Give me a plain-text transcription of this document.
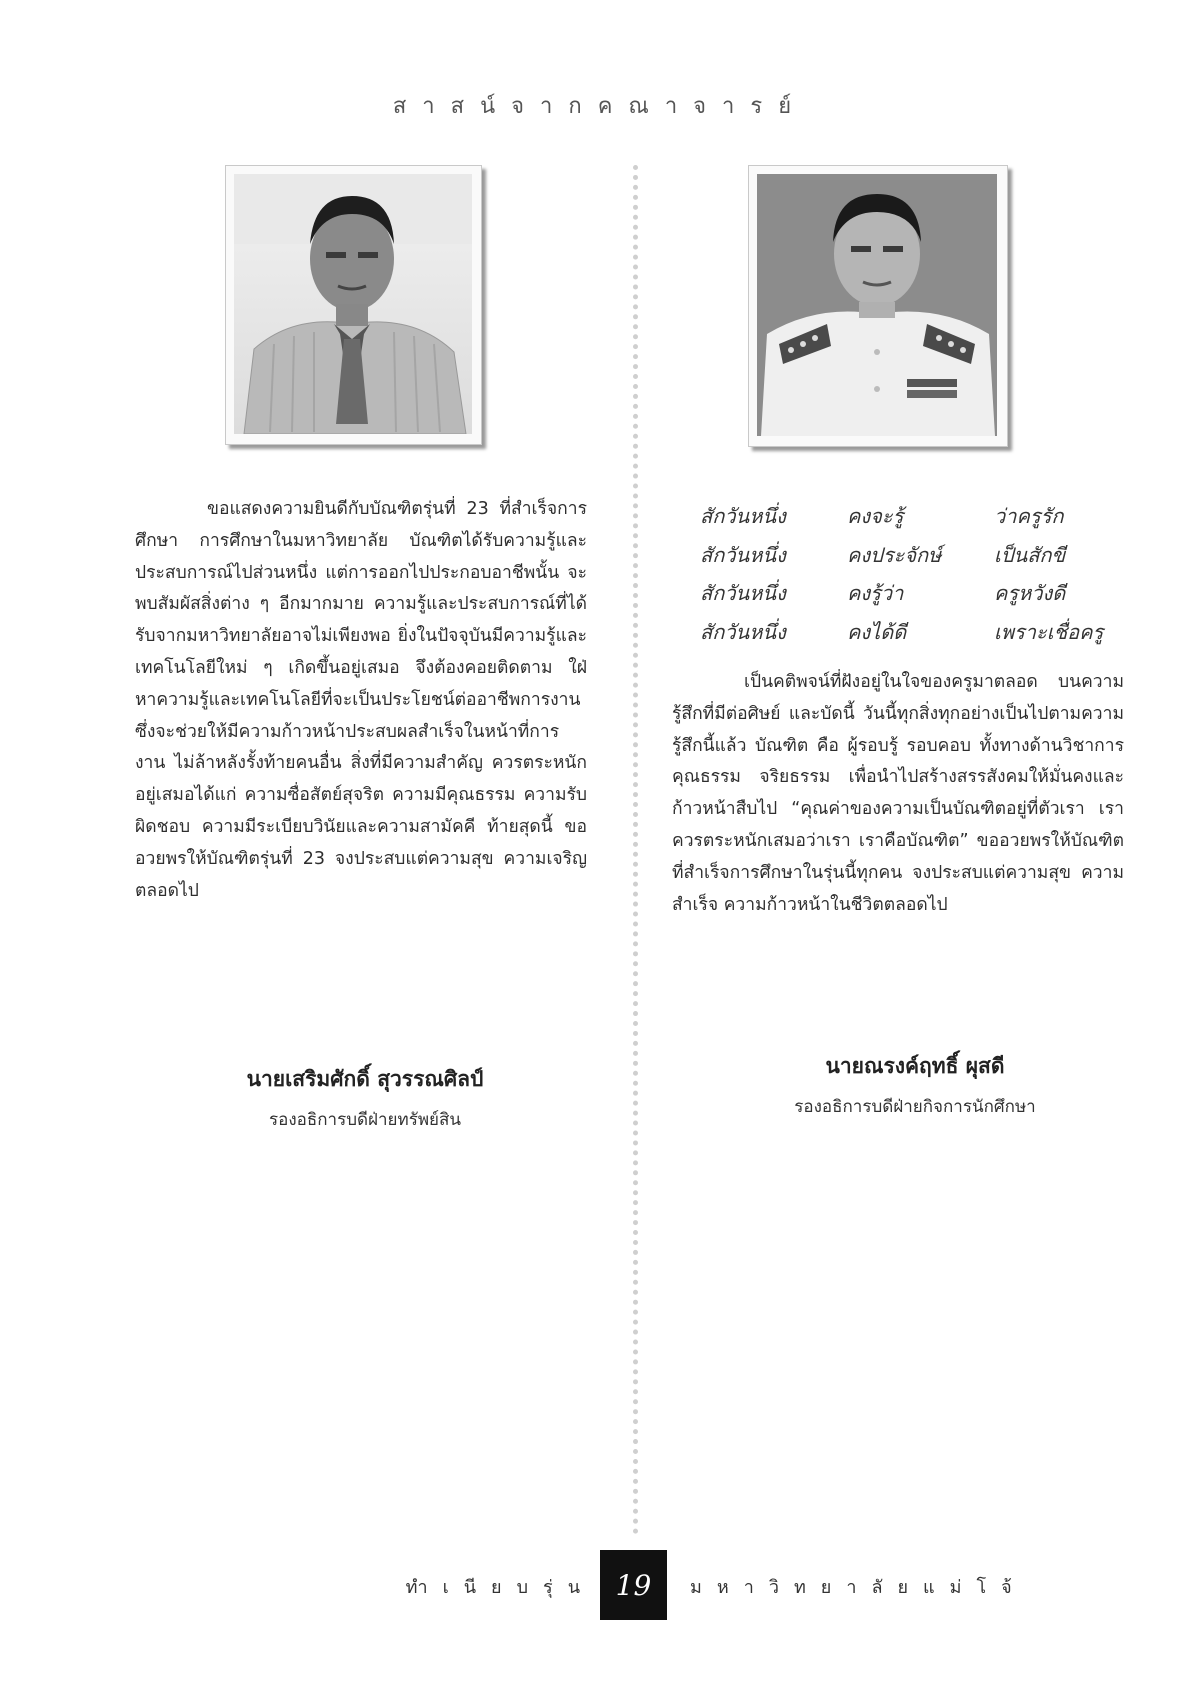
สาสน์จากคณาจารย์
สักวันหนึ่ง	คงจะรู้	ว่าครูรัก
สักวันหนึ่ง	คงประจักษ์	เป็นสักขี
สักวันหนึ่ง	คงรู้ว่า	ครูหวังดี
สักวันหนึ่ง	คงได้ดี	เพราะเชื่อครู

ขอแสดงความยินดีกับบัณฑิตรุ่นที่ 23 ที่สำเร็จการศึกษา การศึกษาในมหาวิทยาลัย บัณฑิตได้รับความรู้และประสบการณ์ไปส่วนหนึ่ง แต่การออกไปประกอบอาชีพนั้น จะพบสัมผัสสิ่งต่าง ๆ อีกมากมาย ความรู้และประสบการณ์ที่ได้รับจากมหาวิทยาลัยอาจไม่เพียงพอ ยิ่งในปัจจุบันมีความรู้และเทคโนโลยีใหม่ ๆ เกิดขึ้นอยู่เสมอ จึงต้องคอยติดตาม ใฝ่หาความรู้และเทคโนโลยีที่จะเป็นประโยชน์ต่ออาชีพการงาน ซึ่งจะช่วยให้มีความก้าวหน้าประสบผลสำเร็จในหน้าที่การงาน ไม่ล้าหลังรั้งท้ายคนอื่น สิ่งที่มีความสำคัญ ควรตระหนักอยู่เสมอได้แก่ ความซื่อสัตย์สุจริต ความมีคุณธรรม ความรับผิดชอบ ความมีระเบียบวินัยและความสามัคคี ท้ายสุดนี้ ขออวยพรให้บัณฑิตรุ่นที่ 23 จงประสบแต่ความสุข ความเจริญตลอดไป

เป็นคติพจน์ที่ฝังอยู่ในใจของครูมาตลอด บนความรู้สึกที่มีต่อศิษย์ และบัดนี้ วันนี้ทุกสิ่งทุกอย่างเป็นไปตามความรู้สึกนี้แล้ว บัณฑิต คือ ผู้รอบรู้ รอบคอบ ทั้งทางด้านวิชาการ คุณธรรม จริยธรรม เพื่อนำไปสร้างสรรสังคมให้มั่นคงและก้าวหน้าสืบไป “คุณค่าของความเป็นบัณฑิตอยู่ที่ตัวเรา เราควรตระหนักเสมอว่าเรา เราคือบัณฑิต” ขออวยพรให้บัณฑิตที่สำเร็จการศึกษาในรุ่นนี้ทุกคน จงประสบแต่ความสุข ความสำเร็จ ความก้าวหน้าในชีวิตตลอดไป

นายเสริมศักดิ์ สุวรรณศิลป์
รองอธิการบดีฝ่ายทรัพย์สิน
นายณรงค์ฤทธิ์ ผุสดี
รองอธิการบดีฝ่ายกิจการนักศึกษา
ทำเนียบรุ่น 19 มหาวิทยาลัยแม่โจ้
